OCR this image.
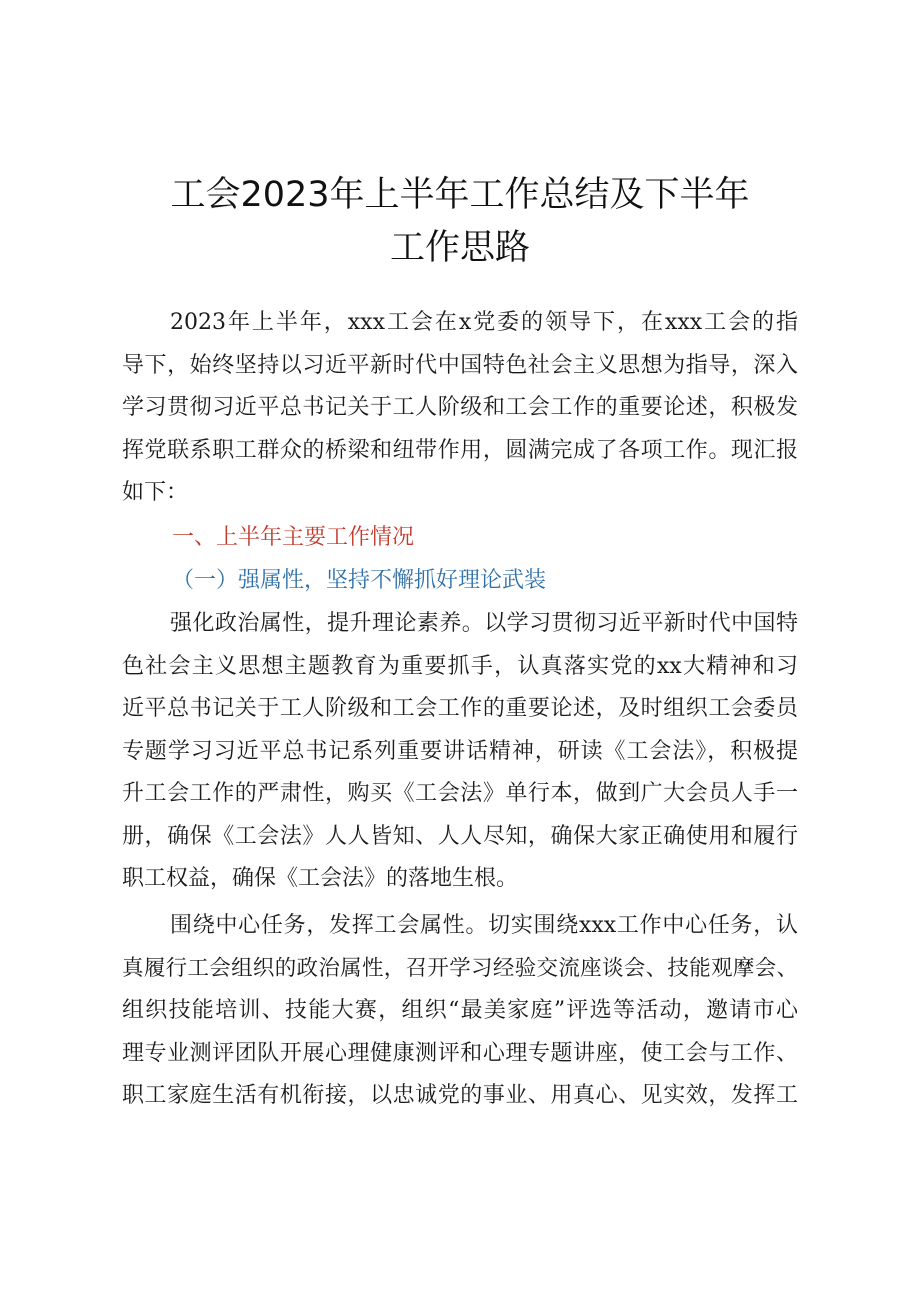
工会2023年上半年工作总结及下半年
工作思路
2023年上半年，xxx工会在x党委的领导下，在xxx工会的指
导下，始终坚持以习近平新时代中国特色社会主义思想为指导，深入
学习贯彻习近平总书记关于工人阶级和工会工作的重要论述，积极发
挥党联系职工群众的桥梁和纽带作用，圆满完成了各项工作。现汇报
如下：
一、上半年主要工作情况
（一）强属性，坚持不懈抓好理论武装
强化政治属性，提升理论素养。以学习贯彻习近平新时代中国特
色社会主义思想主题教育为重要抓手，认真落实党的xx大精神和习
近平总书记关于工人阶级和工会工作的重要论述，及时组织工会委员
专题学习习近平总书记系列重要讲话精神，研读《工会法》，积极提
升工会工作的严肃性，购买《工会法》单行本，做到广大会员人手一
册，确保《工会法》人人皆知、人人尽知，确保大家正确使用和履行
职工权益，确保《工会法》的落地生根。
围绕中心任务，发挥工会属性。切实围绕xxx工作中心任务，认
真履行工会组织的政治属性，召开学习经验交流座谈会、技能观摩会、
组织技能培训、技能大赛，组织“最美家庭”评选等活动，邀请市心
理专业测评团队开展心理健康测评和心理专题讲座，使工会与工作、
职工家庭生活有机衔接，以忠诚党的事业、用真心、见实效，发挥工
